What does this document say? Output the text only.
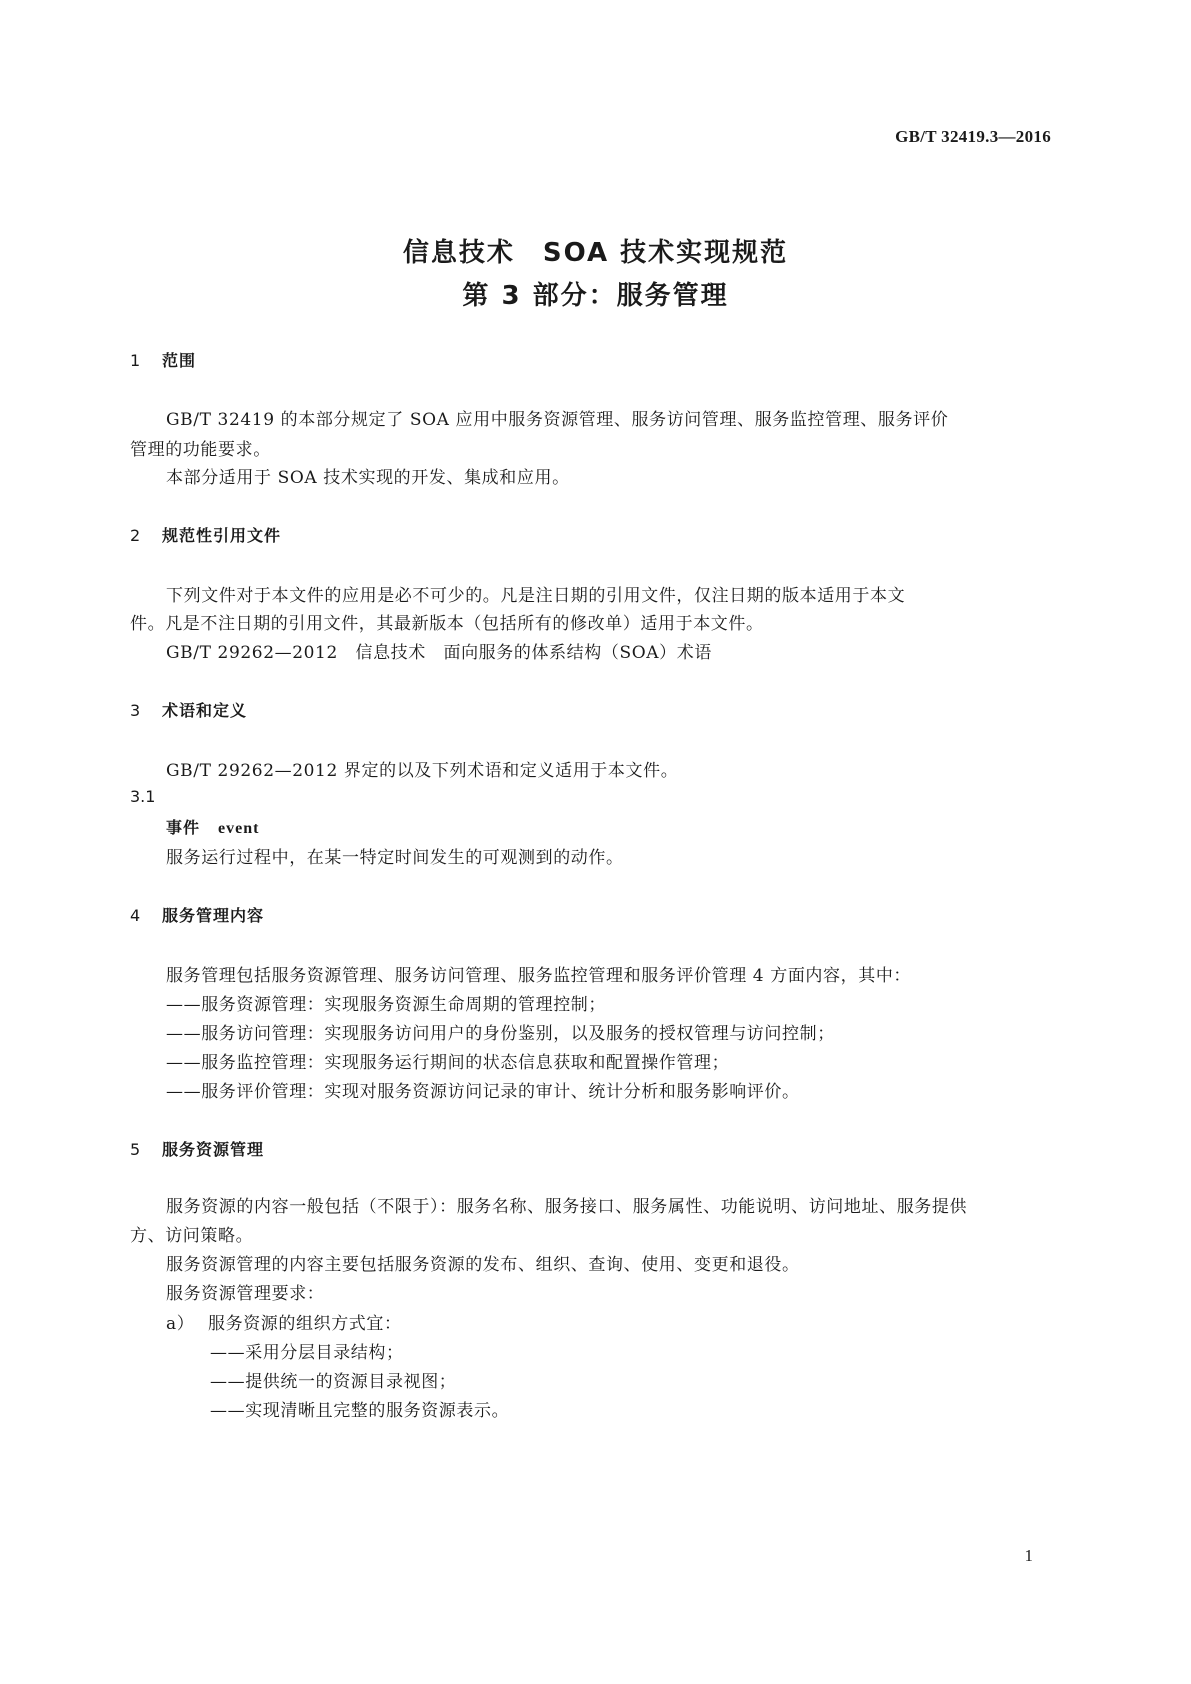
GB/T 32419.3—2016
信息技术　SOA 技术实现规范
第 3 部分：服务管理
1 范围
GB/T 32419 的本部分规定了 SOA 应用中服务资源管理、服务访问管理、服务监控管理、服务评价
管理的功能要求。
本部分适用于 SOA 技术实现的开发、集成和应用。
2 规范性引用文件
下列文件对于本文件的应用是必不可少的。凡是注日期的引用文件，仅注日期的版本适用于本文
件。凡是不注日期的引用文件，其最新版本（包括所有的修改单）适用于本文件。
GB/T 29262—2012　信息技术　面向服务的体系结构（SOA）术语
3 术语和定义
GB/T 29262—2012 界定的以及下列术语和定义适用于本文件。
3.1
事件 event
服务运行过程中，在某一特定时间发生的可观测到的动作。
4 服务管理内容
服务管理包括服务资源管理、服务访问管理、服务监控管理和服务评价管理 4 方面内容，其中：
——服务资源管理：实现服务资源生命周期的管理控制；
——服务访问管理：实现服务访问用户的身份鉴别，以及服务的授权管理与访问控制；
——服务监控管理：实现服务运行期间的状态信息获取和配置操作管理；
——服务评价管理：实现对服务资源访问记录的审计、统计分析和服务影响评价。
5 服务资源管理
服务资源的内容一般包括（不限于）：服务名称、服务接口、服务属性、功能说明、访问地址、服务提供
方、访问策略。
服务资源管理的内容主要包括服务资源的发布、组织、查询、使用、变更和退役。
服务资源管理要求：
a） 服务资源的组织方式宜：
——采用分层目录结构；
——提供统一的资源目录视图；
——实现清晰且完整的服务资源表示。
1
